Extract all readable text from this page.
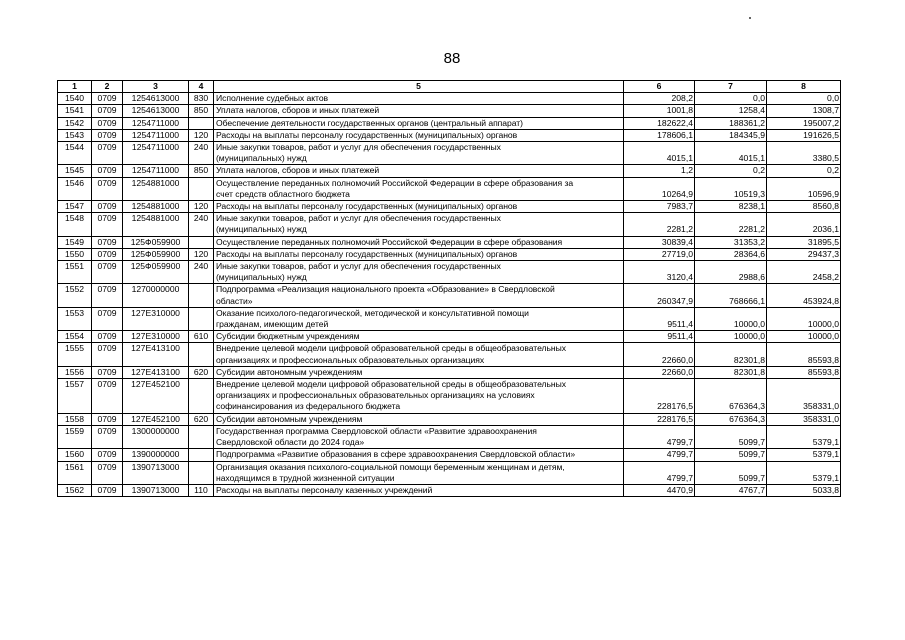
88
1	2	3	4	5	6	7	8
1540	0709	1254613000	830	Исполнение судебных актов	208,2	0,0	0,0
1541	0709	1254613000	850	Уплата налогов, сборов и иных платежей	1001,8	1258,4	1308,7
1542	0709	1254711000		Обеспечение деятельности государственных органов (центральный аппарат)	182622,4	188361,2	195007,2
1543	0709	1254711000	120	Расходы на выплаты персоналу государственных (муниципальных) органов	178606,1	184345,9	191626,5
1544	0709	1254711000	240	Иные закупки товаров, работ и услуг для обеспечения государственных
(муниципальных) нужд	4015,1	4015,1	3380,5
1545	0709	1254711000	850	Уплата налогов, сборов и иных платежей	1,2	0,2	0,2
1546	0709	1254881000		Осуществление переданных полномочий Российской Федерации в сфере образования за
счет средств областного бюджета	10264,9	10519,3	10596,9
1547	0709	1254881000	120	Расходы на выплаты персоналу государственных (муниципальных) органов	7983,7	8238,1	8560,8
1548	0709	1254881000	240	Иные закупки товаров, работ и услуг для обеспечения государственных
(муниципальных) нужд	2281,2	2281,2	2036,1
1549	0709	125Ф059900		Осуществление переданных полномочий Российской Федерации в сфере образования	30839,4	31353,2	31895,5
1550	0709	125Ф059900	120	Расходы на выплаты персоналу государственных (муниципальных) органов	27719,0	28364,6	29437,3
1551	0709	125Ф059900	240	Иные закупки товаров, работ и услуг для обеспечения государственных
(муниципальных) нужд	3120,4	2988,6	2458,2
1552	0709	1270000000		Подпрограмма «Реализация национального проекта «Образование» в Свердловской
области»	260347,9	768666,1	453924,8
1553	0709	127Е310000		Оказание психолого-педагогической, методической и консультативной помощи
гражданам, имеющим детей	9511,4	10000,0	10000,0
1554	0709	127Е310000	610	Субсидии бюджетным учреждениям	9511,4	10000,0	10000,0
1555	0709	127Е413100		Внедрение целевой модели цифровой образовательной среды в общеобразовательных
организациях и профессиональных образовательных организациях	22660,0	82301,8	85593,8
1556	0709	127Е413100	620	Субсидии автономным учреждениям	22660,0	82301,8	85593,8
1557	0709	127Е452100		Внедрение целевой модели цифровой образовательной среды в общеобразовательных
организациях и профессиональных образовательных организациях на условиях
софинансирования из федерального бюджета	228176,5	676364,3	358331,0
1558	0709	127Е452100	620	Субсидии автономным учреждениям	228176,5	676364,3	358331,0
1559	0709	1300000000		Государственная программа Свердловской области «Развитие здравоохранения
Свердловской области до 2024 года»	4799,7	5099,7	5379,1
1560	0709	1390000000		Подпрограмма «Развитие образования в сфере здравоохранения Свердловской области»	4799,7	5099,7	5379,1
1561	0709	1390713000		Организация оказания психолого-социальной помощи беременным женщинам и детям,
находящимся в трудной жизненной ситуации	4799,7	5099,7	5379,1
1562	0709	1390713000	110	Расходы на выплаты персоналу казенных учреждений	4470,9	4767,7	5033,8
